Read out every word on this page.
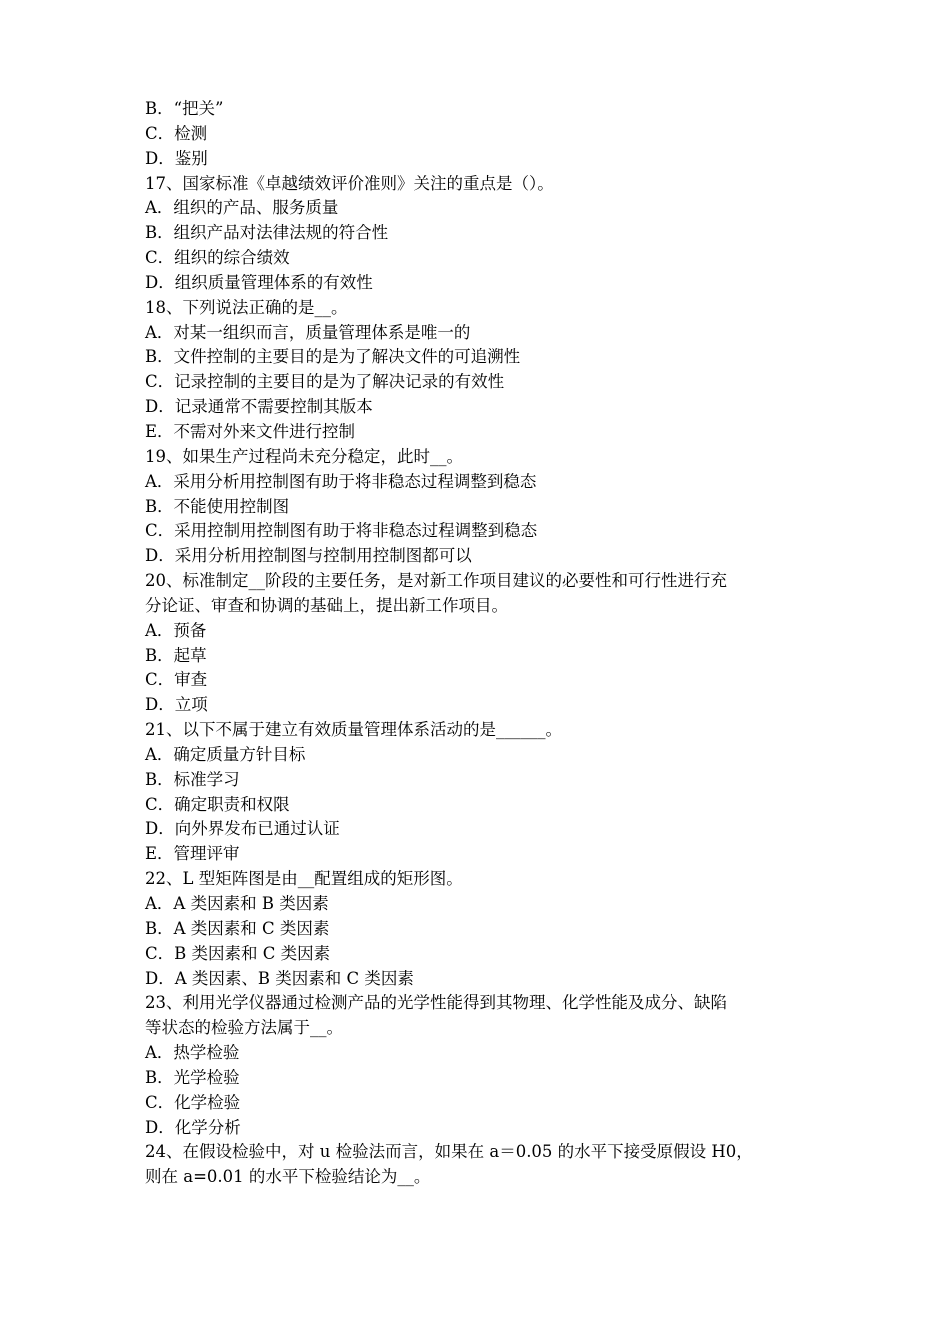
B．“把关”
C．检测
D．鉴别
17、国家标准《卓越绩效评价准则》关注的重点是（）。
A．组织的产品、服务质量
B．组织产品对法律法规的符合性
C．组织的综合绩效
D．组织质量管理体系的有效性
18、下列说法正确的是__。
A．对某一组织而言，质量管理体系是唯一的
B．文件控制的主要目的是为了解决文件的可追溯性
C．记录控制的主要目的是为了解决记录的有效性
D．记录通常不需要控制其版本
E．不需对外来文件进行控制
19、如果生产过程尚未充分稳定，此时__。
A．采用分析用控制图有助于将非稳态过程调整到稳态
B．不能使用控制图
C．采用控制用控制图有助于将非稳态过程调整到稳态
D．采用分析用控制图与控制用控制图都可以
20、标准制定__阶段的主要任务，是对新工作项目建议的必要性和可行性进行充
分论证、审查和协调的基础上，提出新工作项目。
A．预备
B．起草
C．审查
D．立项
21、以下不属于建立有效质量管理体系活动的是______。
A．确定质量方针目标
B．标准学习
C．确定职责和权限
D．向外界发布已通过认证
E．管理评审
22、L 型矩阵图是由__配置组成的矩形图。
A．A 类因素和 B 类因素
B．A 类因素和 C 类因素
C．B 类因素和 C 类因素
D．A 类因素、B 类因素和 C 类因素
23、利用光学仪器通过检测产品的光学性能得到其物理、化学性能及成分、缺陷
等状态的检验方法属于__。
A．热学检验
B．光学检验
C．化学检验
D．化学分析
24、在假设检验中，对 u 检验法而言，如果在 a＝0.05 的水平下接受原假设 H0，
则在 a=0.01 的水平下检验结论为__。
